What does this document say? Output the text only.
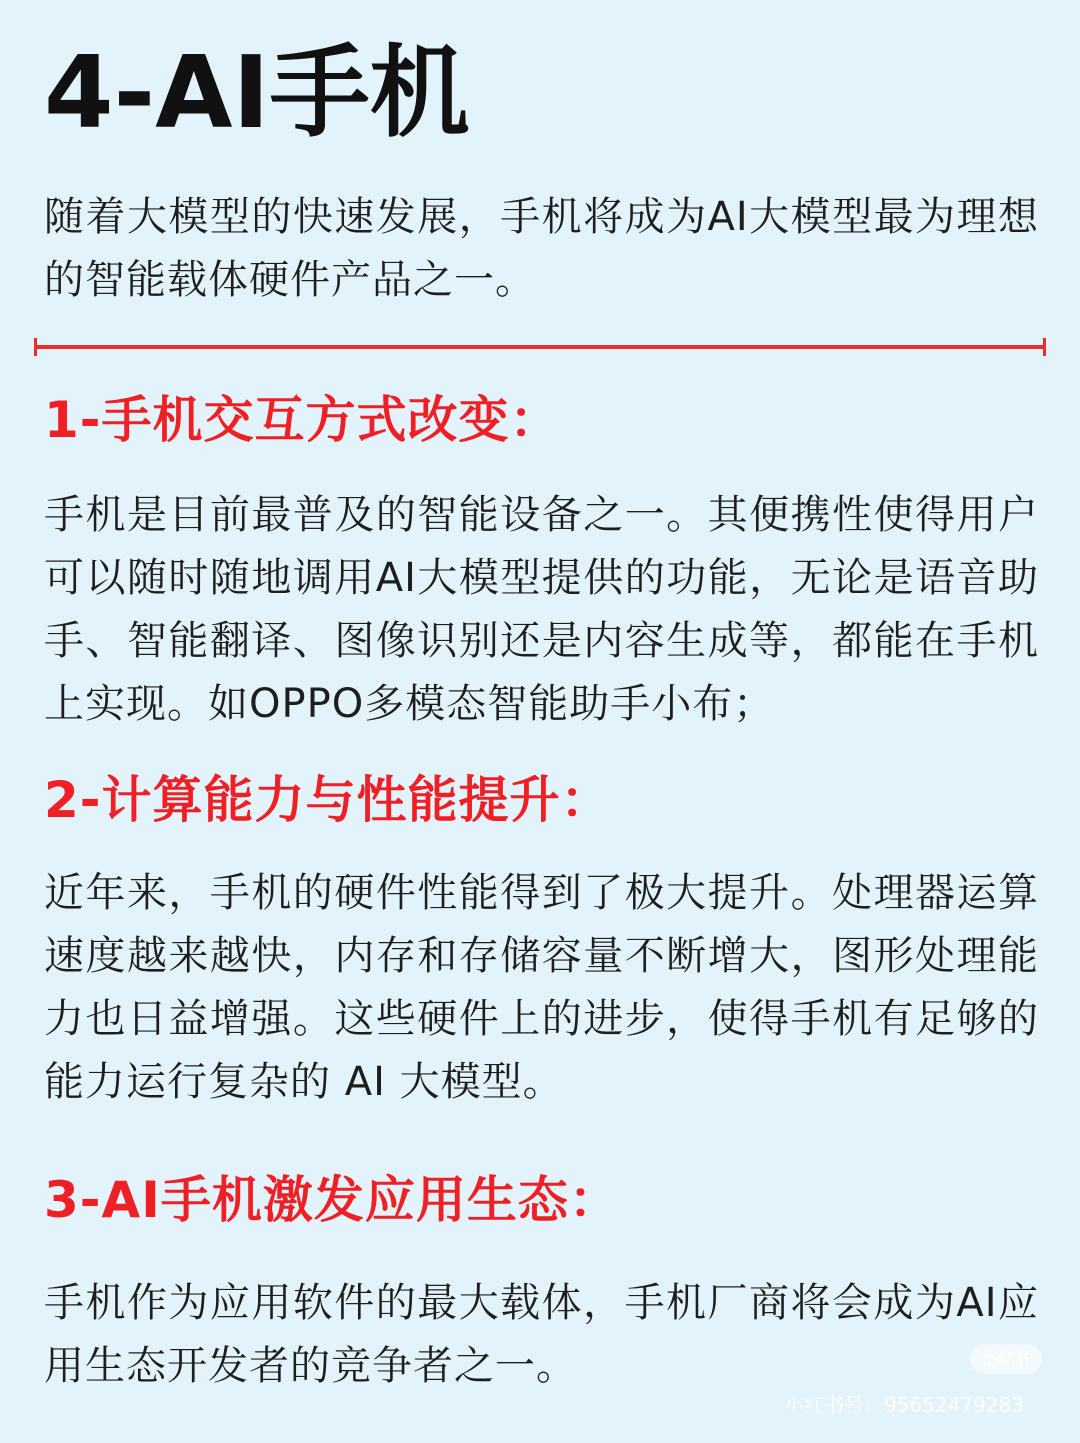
4-AI手机

随着大模型的快速发展，手机将成为AI大模型最为理想的智能载体硬件产品之一。

1-手机交互方式改变：

手机是目前最普及的智能设备之一。其便携性使得用户可以随时随地调用AI大模型提供的功能，无论是语音助手、智能翻译、图像识别还是内容生成等，都能在手机上实现。如OPPO多模态智能助手小布；

2-计算能力与性能提升：

近年来，手机的硬件性能得到了极大提升。处理器运算速度越来越快，内存和存储容量不断增大，图形处理能力也日益增强。这些硬件上的进步，使得手机有足够的能力运行复杂的 AI 大模型。

3-AI手机激发应用生态：

手机作为应用软件的最大载体，手机厂商将会成为AI应用生态开发者的竞争者之一。	小红书
小红书号：95652479283
